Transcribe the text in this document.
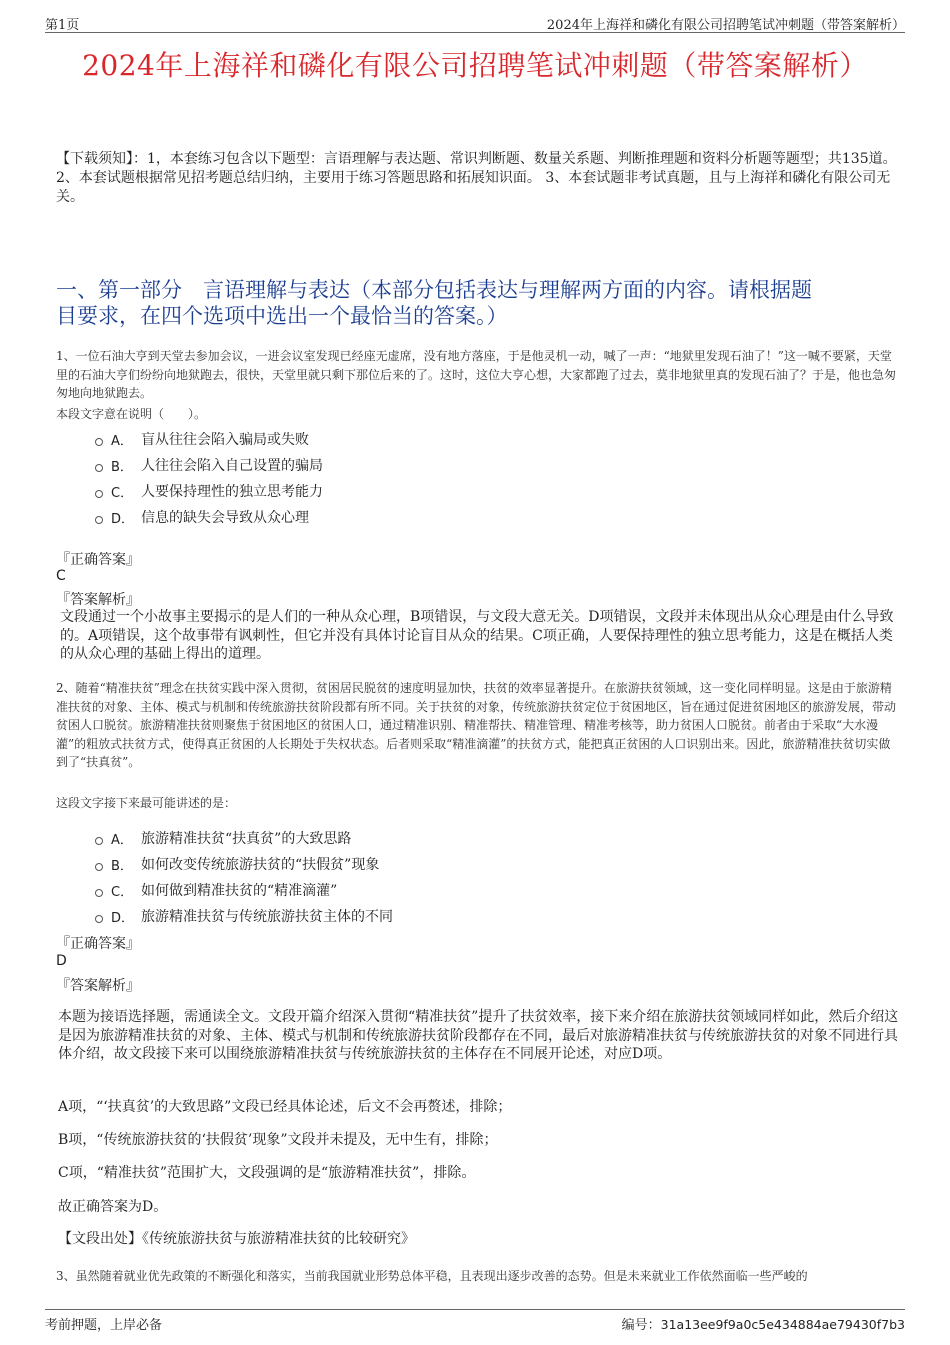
第1页	2024年上海祥和磷化有限公司招聘笔试冲刺题（带答案解析）
2024年上海祥和磷化有限公司招聘笔试冲刺题（带答案解析）
【下载须知】：1，本套练习包含以下题型：言语理解与表达题、常识判断题、数量关系题、判断推理题和资料分析题等题型；共135道。 2、本套试题根据常见招考题总结归纳，主要用于练习答题思路和拓展知识面。 3、本套试题非考试真题，且与上海祥和磷化有限公司无关。
一、第一部分　言语理解与表达（本部分包括表达与理解两方面的内容。请根据题
目要求，在四个选项中选出一个最恰当的答案。）
1、一位石油大亨到天堂去参加会议，一进会议室发现已经座无虚席，没有地方落座，于是他灵机一动，喊了一声：“地狱里发现石油了！”这一喊不要紧，天堂里的石油大亨们纷纷向地狱跑去，很快，天堂里就只剩下那位后来的了。这时，这位大亨心想，大家都跑了过去，莫非地狱里真的发现石油了？于是，他也急匆匆地向地狱跑去。
本段文字意在说明（　　）。
A． 盲从往往会陷入骗局或失败
B． 人往往会陷入自己设置的骗局
C． 人要保持理性的独立思考能力
D． 信息的缺失会导致从众心理
『正确答案』
C
『答案解析』
文段通过一个小故事主要揭示的是人们的一种从众心理，B项错误，与文段大意无关。D项错误，文段并未体现出从众心理是由什么导致的。A项错误，这个故事带有讽刺性，但它并没有具体讨论盲目从众的结果。C项正确，人要保持理性的独立思考能力，这是在概括人类的从众心理的基础上得出的道理。
2、随着“精准扶贫”理念在扶贫实践中深入贯彻，贫困居民脱贫的速度明显加快，扶贫的效率显著提升。在旅游扶贫领域，这一变化同样明显。这是由于旅游精准扶贫的对象、主体、模式与机制和传统旅游扶贫阶段都有所不同。关于扶贫的对象，传统旅游扶贫定位于贫困地区，旨在通过促进贫困地区的旅游发展，带动贫困人口脱贫。旅游精准扶贫则聚焦于贫困地区的贫困人口，通过精准识别、精准帮扶、精准管理、精准考核等，助力贫困人口脱贫。前者由于采取“大水漫灌”的粗放式扶贫方式，使得真正贫困的人长期处于失权状态。后者则采取“精准滴灌”的扶贫方式，能把真正贫困的人口识别出来。因此，旅游精准扶贫切实做到了“扶真贫”。
这段文字接下来最可能讲述的是：
A． 旅游精准扶贫“扶真贫”的大致思路
B． 如何改变传统旅游扶贫的“扶假贫”现象
C． 如何做到精准扶贫的“精准滴灌”
D． 旅游精准扶贫与传统旅游扶贫主体的不同
『正确答案』
D
『答案解析』
本题为接语选择题，需通读全文。文段开篇介绍深入贯彻“精准扶贫”提升了扶贫效率，接下来介绍在旅游扶贫领域同样如此，然后介绍这是因为旅游精准扶贫的对象、主体、模式与机制和传统旅游扶贫阶段都存在不同，最后对旅游精准扶贫与传统旅游扶贫的对象不同进行具体介绍，故文段接下来可以围绕旅游精准扶贫与传统旅游扶贫的主体存在不同展开论述，对应D项。
A项，“‘扶真贫’的大致思路”文段已经具体论述，后文不会再赘述，排除；
B项，“传统旅游扶贫的‘扶假贫’现象”文段并未提及，无中生有，排除；
C项，“精准扶贫”范围扩大，文段强调的是“旅游精准扶贫”，排除。
故正确答案为D。
【文段出处】《传统旅游扶贫与旅游精准扶贫的比较研究》
3、虽然随着就业优先政策的不断强化和落实，当前我国就业形势总体平稳，且表现出逐步改善的态势。但是未来就业工作依然面临一些严峻的
考前押题，上岸必备	编号：31a13ee9f9a0c5e434884ae79430f7b3
